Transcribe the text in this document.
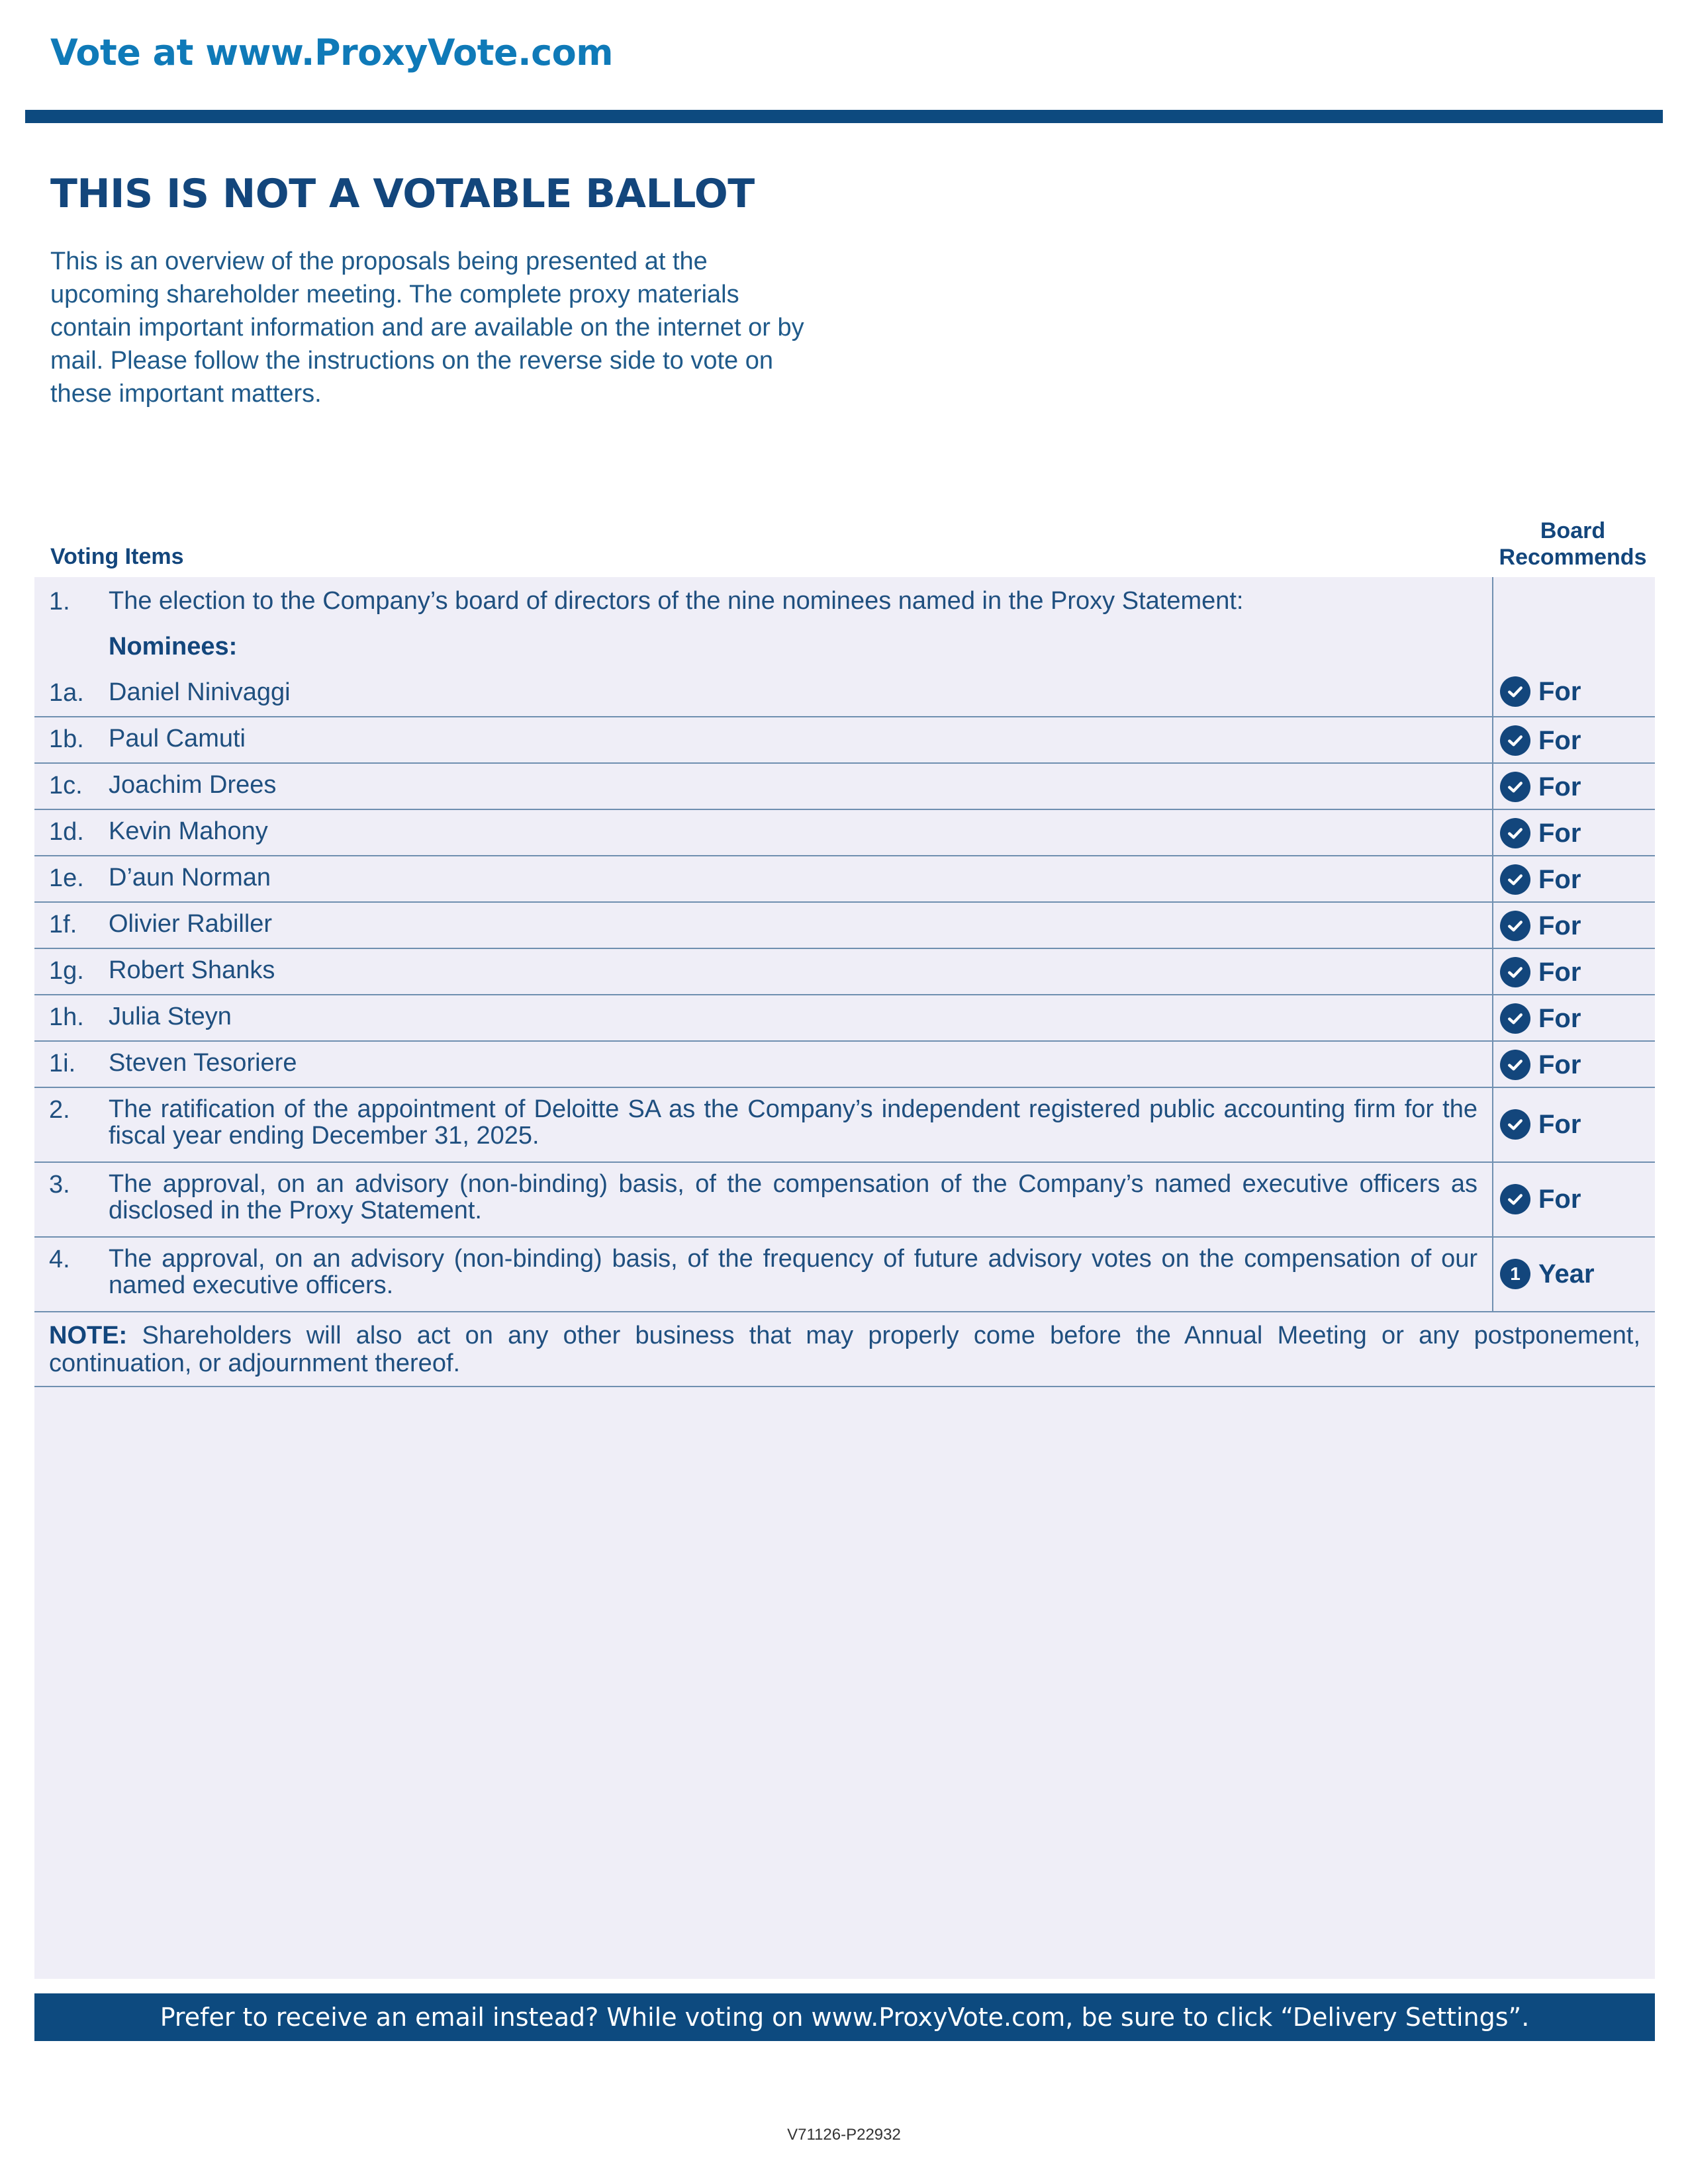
Vote at www.ProxyVote.com
THIS IS NOT A VOTABLE BALLOT
This is an overview of the proposals being presented at the upcoming shareholder meeting. The complete proxy materials contain important information and are available on the internet or by mail. Please follow the instructions on the reverse side to vote on these important matters.
Voting Items
Board
Recommends
1. The election to the Company’s board of directors of the nine nominees named in the Proxy Statement:
Nominees:
1a. Daniel Ninivaggi	For
1b. Paul Camuti	For
1c. Joachim Drees	For
1d. Kevin Mahony	For
1e. D’aun Norman	For
1f. Olivier Rabiller	For
1g. Robert Shanks	For
1h. Julia Steyn	For
1i. Steven Tesoriere	For
2. The ratification of the appointment of Deloitte SA as the Company’s independent registered public accounting firm for the fiscal year ending December 31, 2025.	For
3. The approval, on an advisory (non-binding) basis, of the compensation of the Company’s named executive officers as disclosed in the Proxy Statement.	For
4. The approval, on an advisory (non-binding) basis, of the frequency of future advisory votes on the compensation of our named executive officers.	1 Year
NOTE: Shareholders will also act on any other business that may properly come before the Annual Meeting or any postponement, continuation, or adjournment thereof.
Prefer to receive an email instead? While voting on www.ProxyVote.com, be sure to click “Delivery Settings”.
V71126-P22932
